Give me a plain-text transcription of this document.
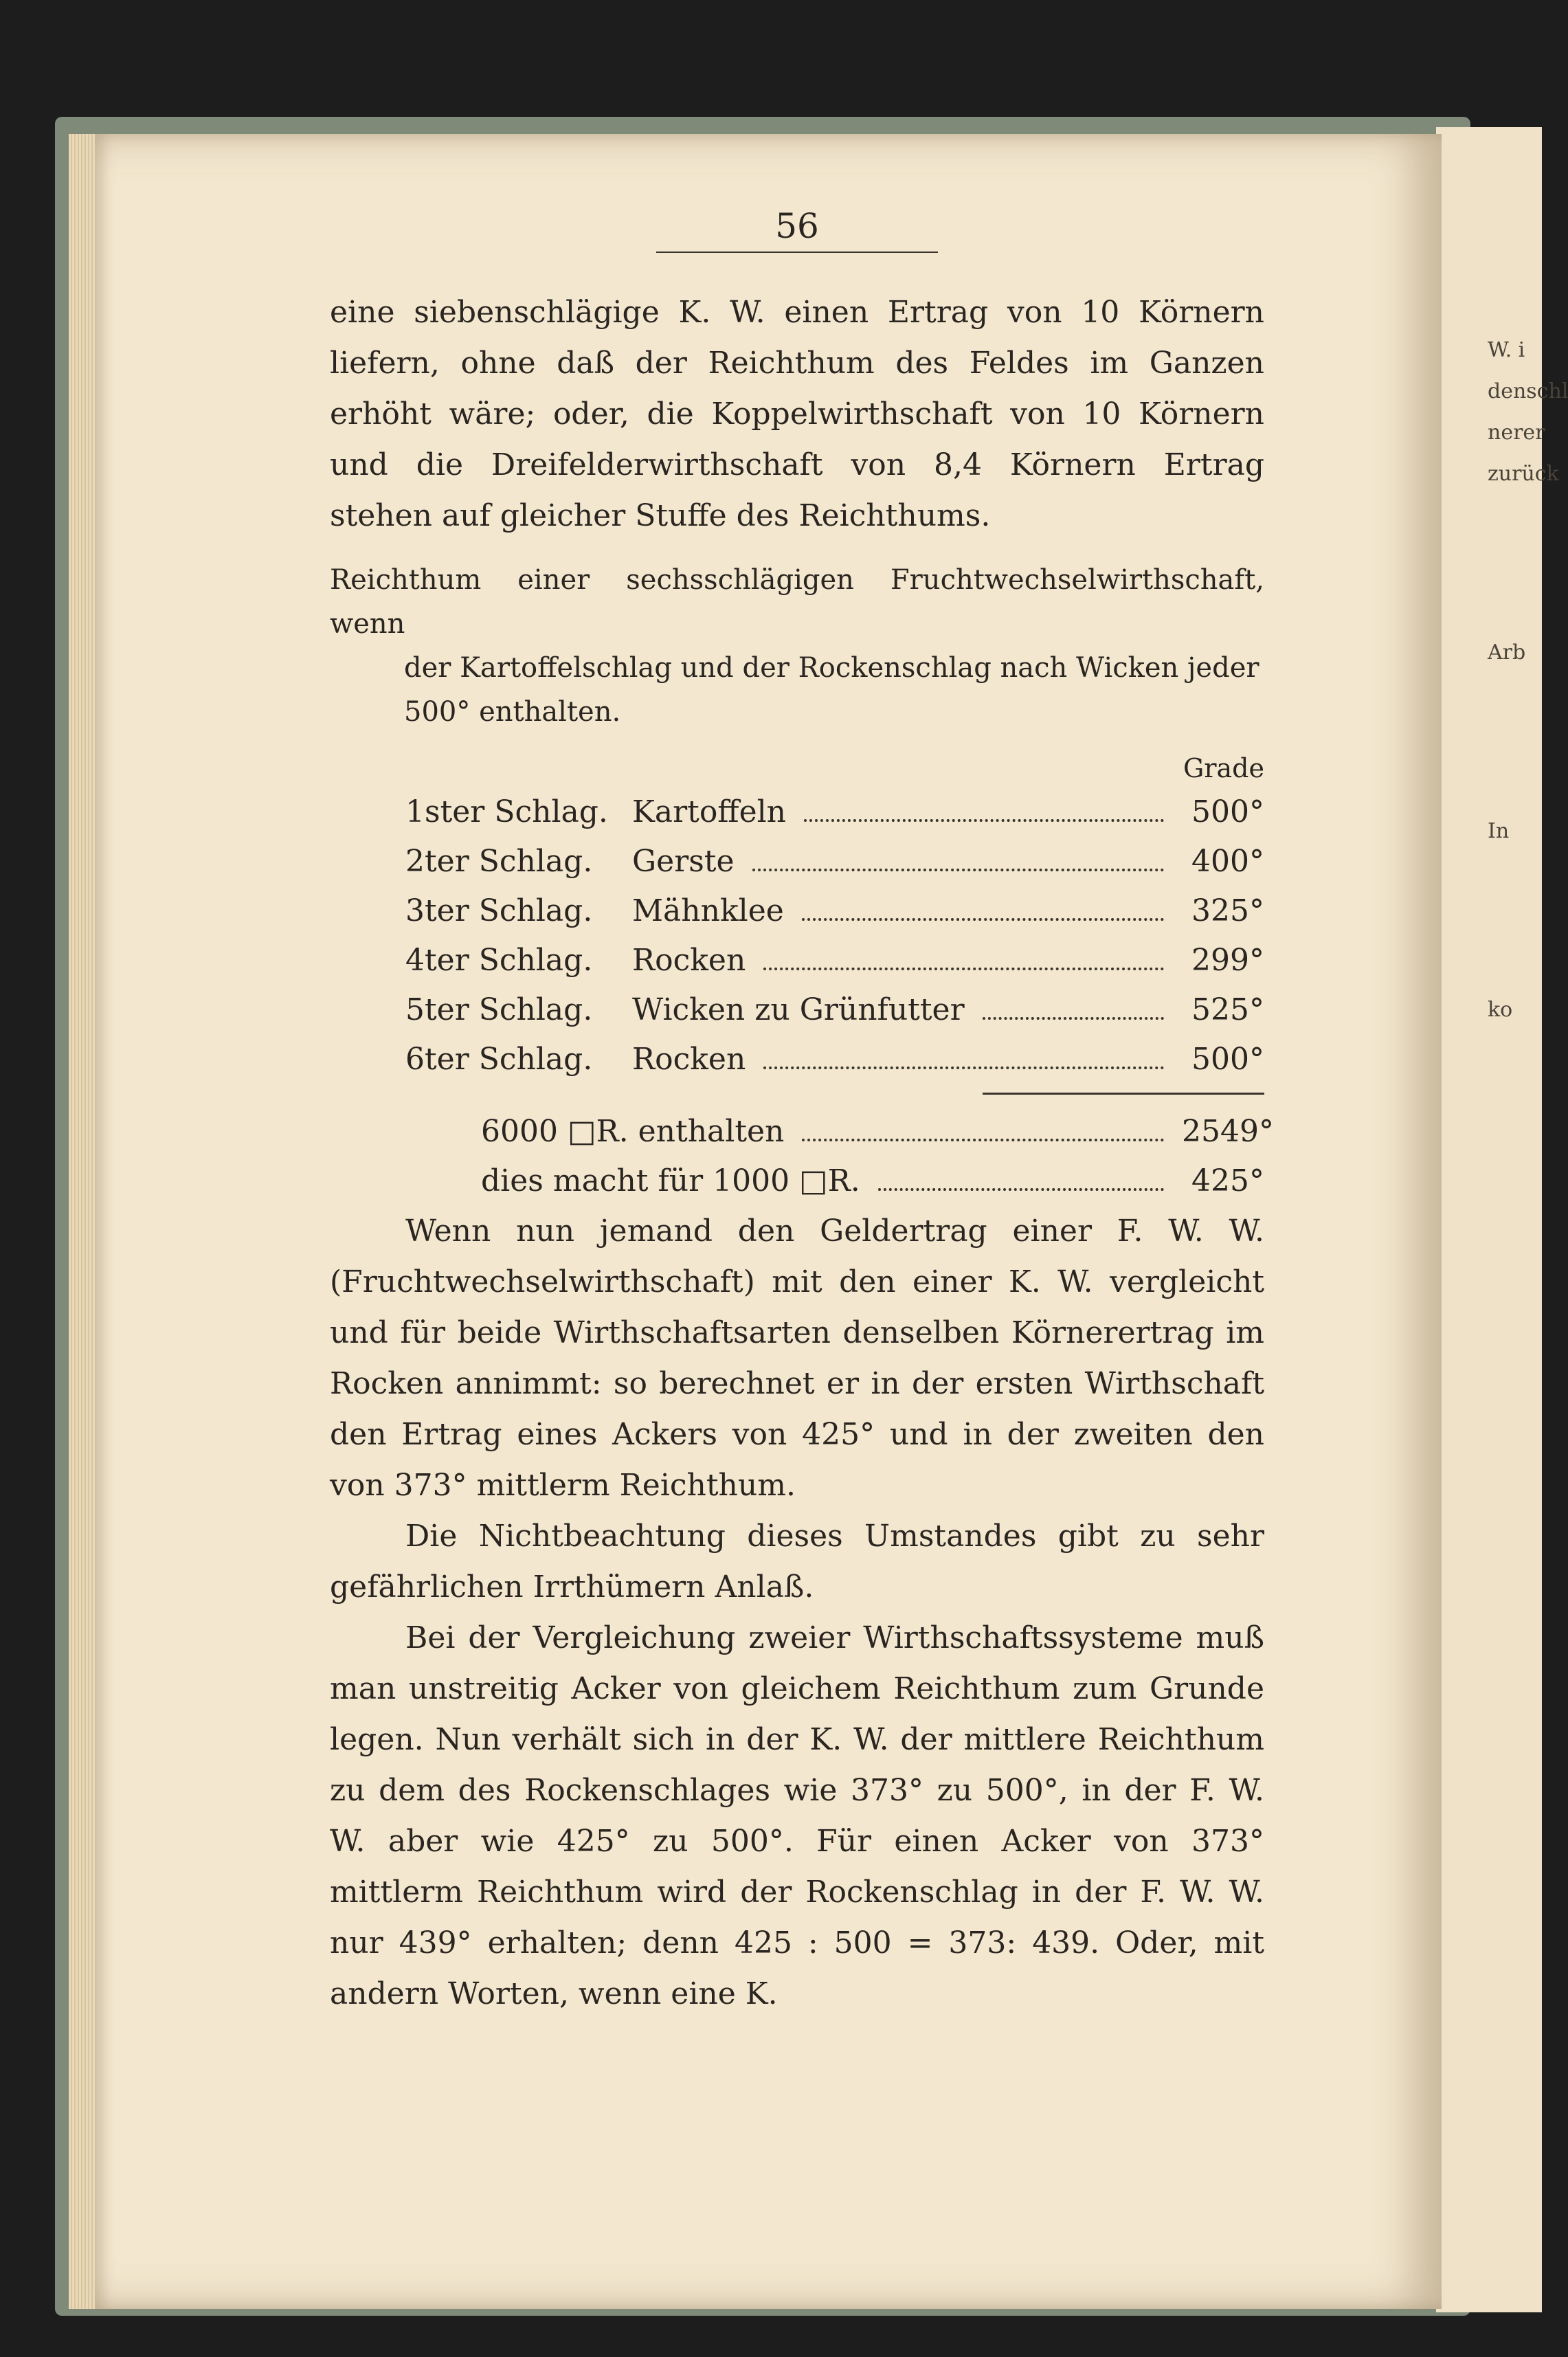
56

eine siebenschlägige K. W. einen Ertrag von 10 Körnern liefern, ohne daß der Reichthum des Feldes im Ganzen erhöht wäre; oder, die Koppelwirthschaft von 10 Körnern und die Dreifelderwirthschaft von 8,4 Körnern Ertrag stehen auf gleicher Stuffe des Reichthums.

Reichthum einer sechsschlägigen Fruchtwechselwirthschaft, wenn

der Kartoffelschlag und der Rockenschlag nach Wicken jeder

500° enthalten.

Grade
1ster Schlag. Kartoffeln	500°
2ter Schlag.	Gerste	400°
3ter Schlag.	Mähnklee	325°
4ter Schlag.	Rocken	299°
5ter Schlag.	Wicken zu Grünfutter	525°
6ter Schlag.	Rocken	500°
6000 □R. enthalten	2549°
dies macht für 1000 □R.	425°

Wenn nun jemand den Geldertrag einer F. W. W. (Fruchtwechselwirthschaft) mit den einer K. W. vergleicht und für beide Wirthschaftsarten denselben Körnerertrag im Rocken annimmt: so berechnet er in der ersten Wirthschaft den Ertrag eines Ackers von 425° und in der zweiten den von 373° mittlerm Reichthum.

Die Nichtbeachtung dieses Umstandes gibt zu sehr gefährlichen Irrthümern Anlaß.

Bei der Vergleichung zweier Wirthschaftssysteme muß man unstreitig Acker von gleichem Reichthum zum Grunde legen. Nun verhält sich in der K. W. der mittlere Reichthum zu dem des Rockenschlages wie 373° zu 500°, in der F. W. W. aber wie 425° zu 500°. Für einen Acker von 373° mittlerm Reichthum wird der Rockenschlag in der F. W. W. nur 439° erhalten; denn 425 : 500 = 373: 439. Oder, mit andern Worten, wenn eine K.

W. i
denschl
nerer
zurück
Arb
In
ko
